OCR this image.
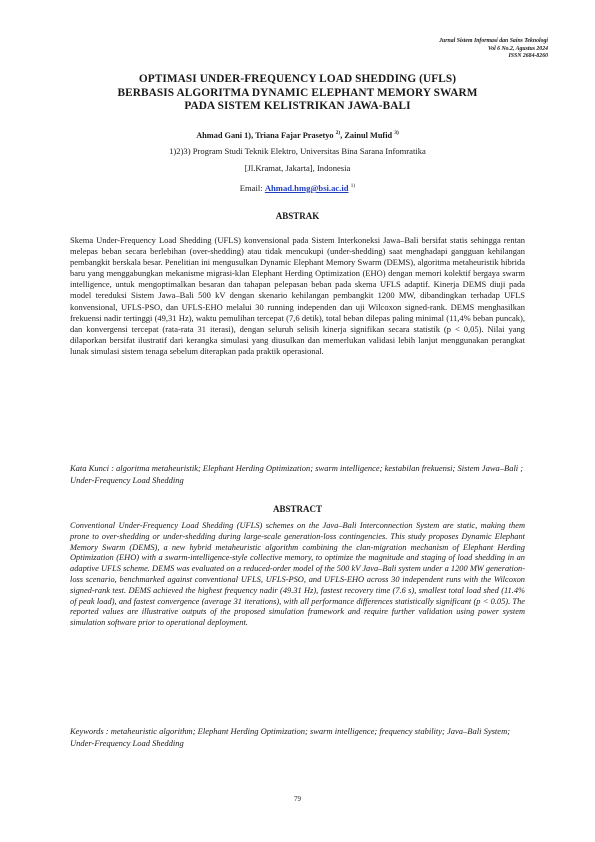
Jurnal Sistem Informasi dan Sains Teknologi
Vol 6 No.2, Agustus 2024
ISSN 2684-8260
OPTIMASI UNDER-FREQUENCY LOAD SHEDDING (UFLS)
BERBASIS ALGORITMA DYNAMIC ELEPHANT MEMORY SWARM
PADA SISTEM KELISTRIKAN JAWA-BALI
Ahmad Gani 1), Triana Fajar Prasetyo $^{2)}$, Zainul Mufid $^{3)}$
1)2)3) Program Studi Teknik Elektro, Universitas Bina Sarana Infomratika
[Jl.Kramat, Jakarta], Indonesia
Email: Ahmad.hmg@bsi.ac.id $^{1)}$
ABSTRAK
Skema Under-Frequency Load Shedding (UFLS) konvensional pada Sistem Interkoneksi Jawa–Bali bersifat statis sehingga rentan melepas beban secara berlebihan (over-shedding) atau tidak mencukupi (under-shedding) saat menghadapi gangguan kehilangan pembangkit berskala besar. Penelitian ini mengusulkan Dynamic Elephant Memory Swarm (DEMS), algoritma metaheuristik hibrida baru yang menggabungkan mekanisme migrasi-klan Elephant Herding Optimization (EHO) dengan memori kolektif bergaya swarm intelligence, untuk mengoptimalkan besaran dan tahapan pelepasan beban pada skema UFLS adaptif. Kinerja DEMS diuji pada model tereduksi Sistem Jawa–Bali 500 kV dengan skenario kehilangan pembangkit 1200 MW, dibandingkan terhadap UFLS konvensional, UFLS-PSO, dan UFLS-EHO melalui 30 running independen dan uji Wilcoxon signed-rank. DEMS menghasilkan frekuensi nadir tertinggi (49,31 Hz), waktu pemulihan tercepat (7,6 detik), total beban dilepas paling minimal (11,4% beban puncak), dan konvergensi tercepat (rata-rata 31 iterasi), dengan seluruh selisih kinerja signifikan secara statistik (p < 0,05). Nilai yang dilaporkan bersifat ilustratif dari kerangka simulasi yang diusulkan dan memerlukan validasi lebih lanjut menggunakan perangkat lunak simulasi sistem tenaga sebelum diterapkan pada praktik operasional.
Kata Kunci : algoritma metaheuristik; Elephant Herding Optimization; swarm intelligence; kestabilan frekuensi; Sistem Jawa–Bali ; Under-Frequency Load Shedding
ABSTRACT
Conventional Under-Frequency Load Shedding (UFLS) schemes on the Java–Bali Interconnection System are static, making them prone to over-shedding or under-shedding during large-scale generation-loss contingencies. This study proposes Dynamic Elephant Memory Swarm (DEMS), a new hybrid metaheuristic algorithm combining the clan-migration mechanism of Elephant Herding Optimization (EHO) with a swarm-intelligence-style collective memory, to optimize the magnitude and staging of load shedding in an adaptive UFLS scheme. DEMS was evaluated on a reduced-order model of the 500 kV Java–Bali system under a 1200 MW generation-loss scenario, benchmarked against conventional UFLS, UFLS-PSO, and UFLS-EHO across 30 independent runs with the Wilcoxon signed-rank test. DEMS achieved the highest frequency nadir (49.31 Hz), fastest recovery time (7.6 s), smallest total load shed (11.4% of peak load), and fastest convergence (average 31 iterations), with all performance differences statistically significant (p < 0.05). The reported values are illustrative outputs of the proposed simulation framework and require further validation using power system simulation software prior to operational deployment.
Keywords : metaheuristic algorithm; Elephant Herding Optimization; swarm intelligence; frequency stability; Java–Bali System; Under-Frequency Load Shedding
79
